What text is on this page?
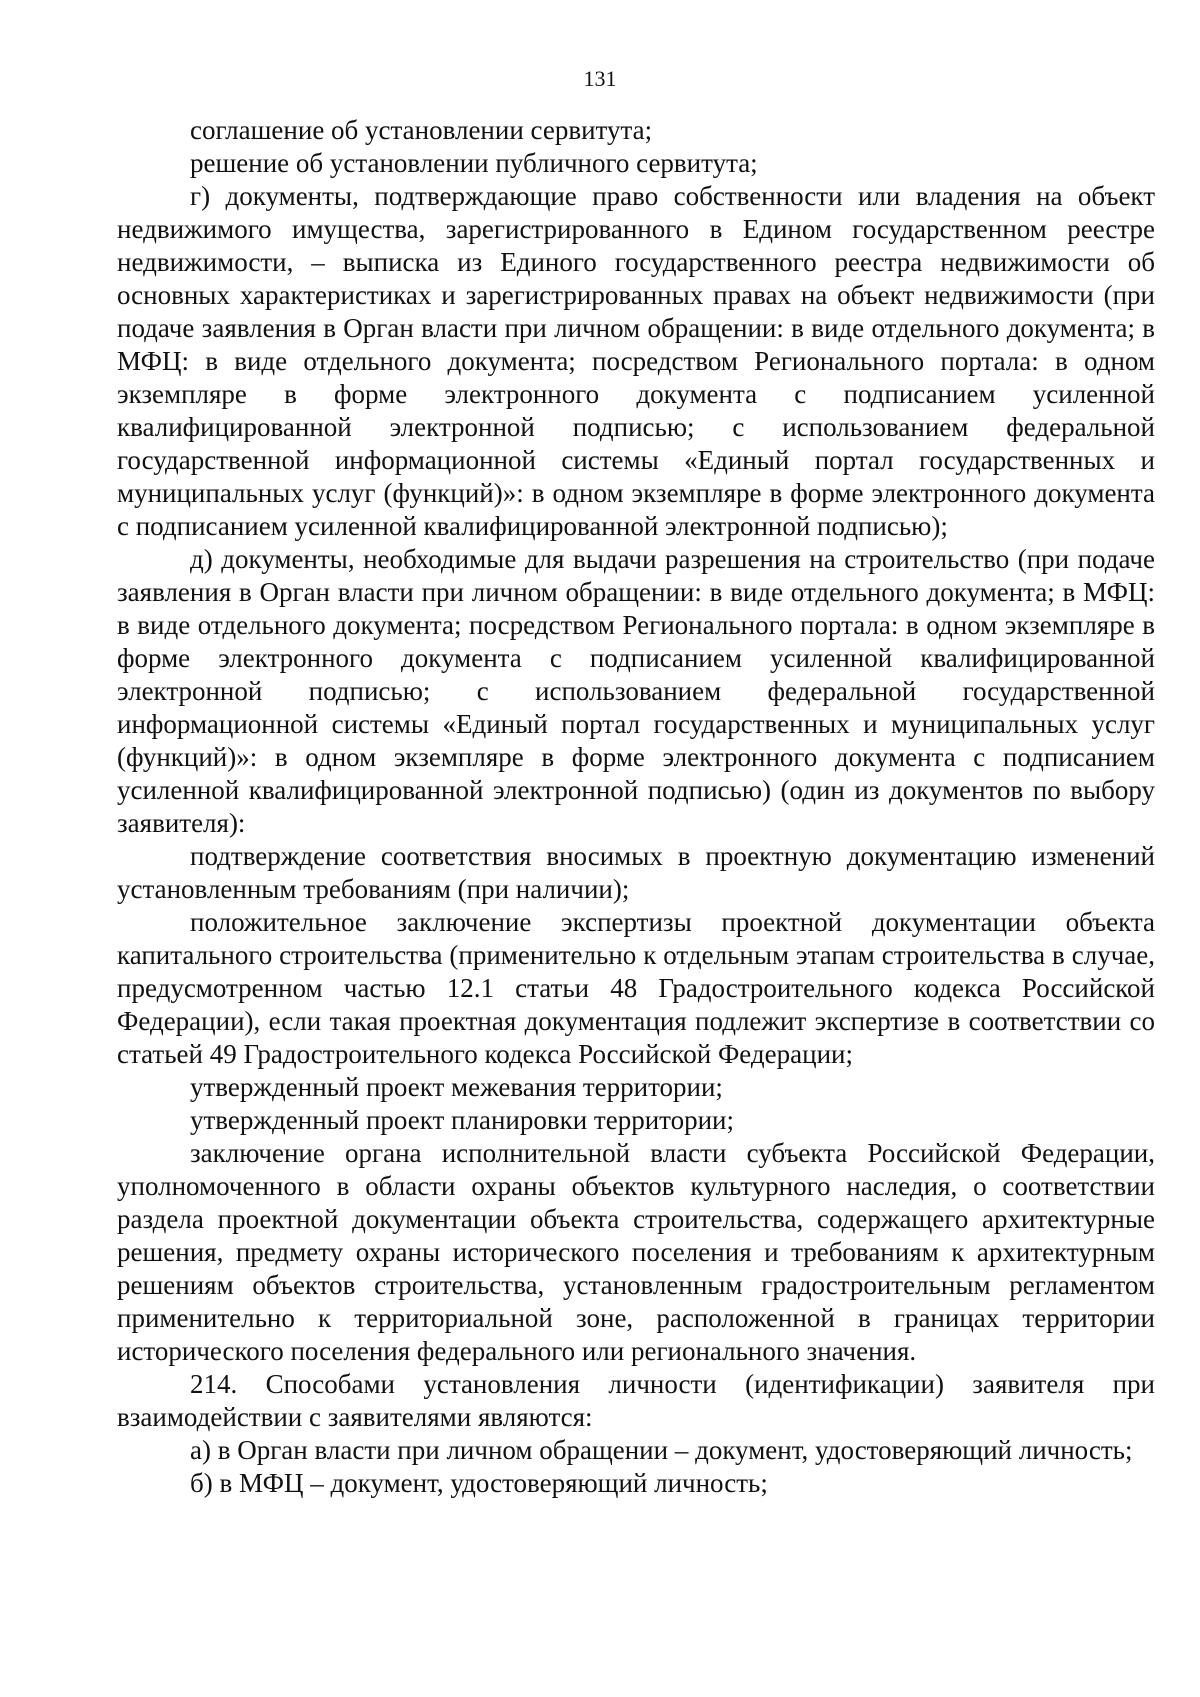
131

соглашение об установлении сервитута;

решение об установлении публичного сервитута;

г) документы, подтверждающие право собственности или владения на объект недвижимого имущества, зарегистрированного в Едином государственном реестре недвижимости, – выписка из Единого государственного реестра недвижимости об основных характеристиках и зарегистрированных правах на объект недвижимости (при подаче заявления в Орган власти при личном обращении: в виде отдельного документа; в МФЦ: в виде отдельного документа; посредством Регионального портала: в одном экземпляре в форме электронного документа с подписанием усиленной квалифицированной электронной подписью; с использованием федеральной государственной информационной системы «Единый портал государственных и муниципальных услуг (функций)»: в одном экземпляре в форме электронного документа с подписанием усиленной квалифицированной электронной подписью);

д) документы, необходимые для выдачи разрешения на строительство (при подаче заявления в Орган власти при личном обращении: в виде отдельного документа; в МФЦ: в виде отдельного документа; посредством Регионального портала: в одном экземпляре в форме электронного документа с подписанием усиленной квалифицированной электронной подписью; с использованием федеральной государственной информационной системы «Единый портал государственных и муниципальных услуг (функций)»: в одном экземпляре в форме электронного документа с подписанием усиленной квалифицированной электронной подписью) (один из документов по выбору заявителя):

подтверждение соответствия вносимых в проектную документацию изменений установленным требованиям (при наличии);

положительное заключение экспертизы проектной документации объекта капитального строительства (применительно к отдельным этапам строительства в случае, предусмотренном частью 12.1 статьи 48 Градостроительного кодекса Российской Федерации), если такая проектная документация подлежит экспертизе в соответствии со статьей 49 Градостроительного кодекса Российской Федерации;

утвержденный проект межевания территории;

утвержденный проект планировки территории;

заключение органа исполнительной власти субъекта Российской Федерации, уполномоченного в области охраны объектов культурного наследия, о соответствии раздела проектной документации объекта строительства, содержащего архитектурные решения, предмету охраны исторического поселения и требованиям к архитектурным решениям объектов строительства, установленным градостроительным регламентом применительно к территориальной зоне, расположенной в границах территории исторического поселения федерального или регионального значения.

214. Способами установления личности (идентификации) заявителя при взаимодействии с заявителями являются:

а) в Орган власти при личном обращении – документ, удостоверяющий личность;

б) в МФЦ – документ, удостоверяющий личность;
